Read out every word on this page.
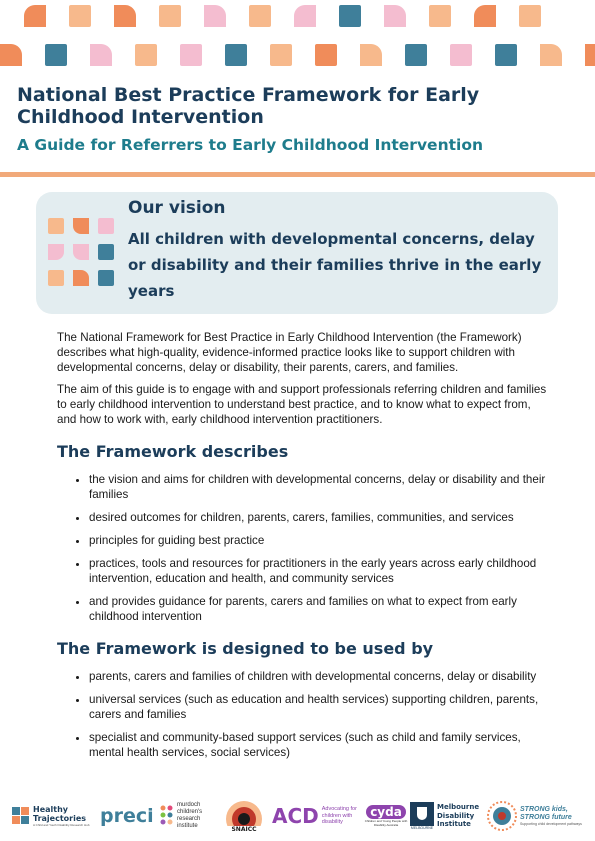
National Best Practice Framework for Early Childhood Intervention
A Guide for Referrers to Early Childhood Intervention
Our vision

All children with developmental concerns, delay or disability and their families thrive in the early years

The National Framework for Best Practice in Early Childhood Intervention (the Framework) describes what high-quality, evidence-informed practice looks like to support children with developmental concerns, delay or disability, their parents, carers, and families.

The aim of this guide is to engage with and support professionals referring children and families to early childhood intervention to understand best practice, and to know what to expect from, and how to work with, early childhood intervention practitioners.

The Framework describes
• the vision and aims for children with developmental concerns, delay or disability and their families
• desired outcomes for children, parents, carers, families, communities, and services
• principles for guiding best practice
• practices, tools and resources for practitioners in the early years across early childhood intervention, education and health, and community services
• and provides guidance for parents, carers and families on what to expect from early childhood intervention
The Framework is designed to be used by
• parents, carers and families of children with developmental concerns, delay or disability
• universal services (such as education and health services) supporting children, parents, carers and families
• specialist and community-based support services (such as child and family services, mental health services, social services)
Healthy Trajectories
A Child and Youth Disability Research Hub preci	murdoch children's research institute	SNAICC
ACD Advocating for children with disability
cyda
Children and Young People with Disability Australia
MELBOURNE
Melbourne Disability Institute
STRONG kids, STRONG future
Supporting child development pathways
